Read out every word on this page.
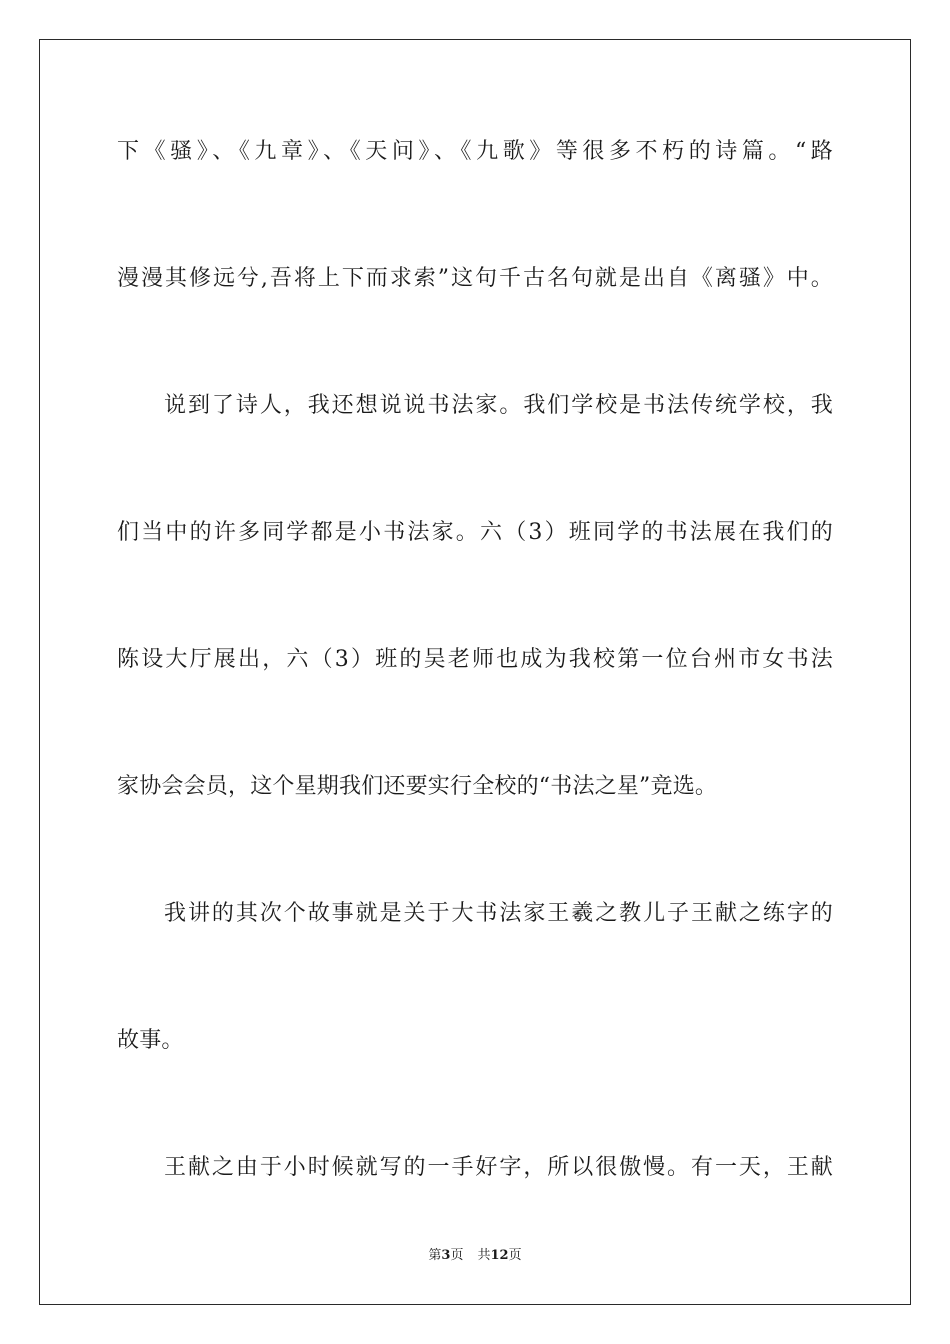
下《骚》、《九章》、《天问》、《九歌》等很多不朽的诗篇。“路
漫漫其修远兮,吾将上下而求索”这句千古名句就是出自《离骚》中。
说到了诗人，我还想说说书法家。我们学校是书法传统学校，我
们当中的许多同学都是小书法家。六（3）班同学的书法展在我们的
陈设大厅展出，六（3）班的吴老师也成为我校第一位台州市女书法
家协会会员，这个星期我们还要实行全校的“书法之星”竞选。
我讲的其次个故事就是关于大书法家王羲之教儿子王献之练字的
故事。
王献之由于小时候就写的一手好字，所以很傲慢。有一天，王献
第3页 共12页
